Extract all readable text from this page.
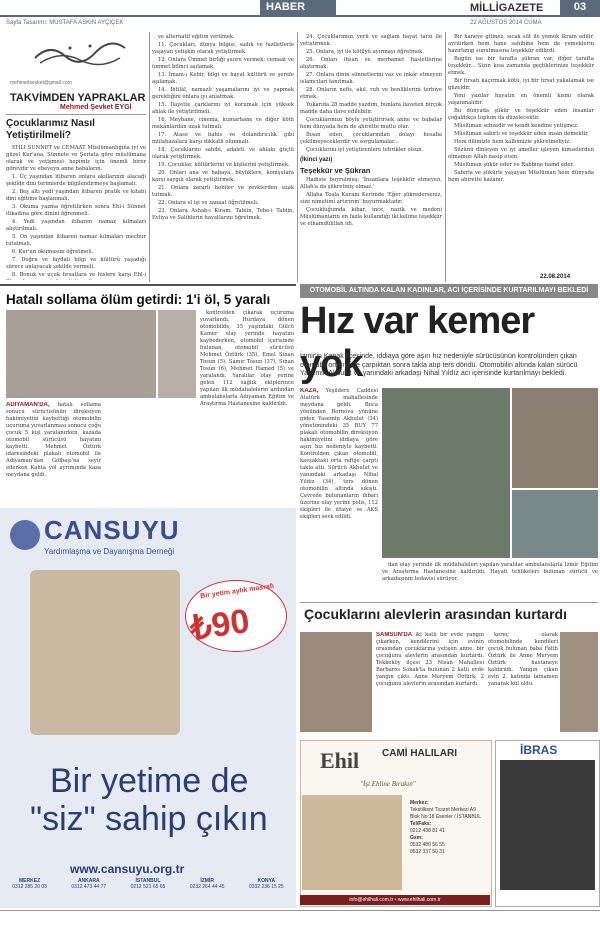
HABER	MİLLİGAZETE	03
22 AĞUSTOS 2014 CUMA
Sayfa Tasarımı: MUSTAFA ASKIN AYÇİÇEK
mehmedsevket@gmail.com
TAKVİMDEN YAPRAKLAR
Mehmed Şevket EYGİ
Çocuklarımız Nasıl Yetiştirilmeli?

EHLİ SÜNNET ve CEMAAT Müslümanlığına iyi ve güzel Kur'ana, Sünnete ve Şeriata göre müslümana olarak ve yetişmesi hepimiz için önemli birer görevdir ve ebeveyn anne babaların.

1. Üç yaşından itibaren onlara akıllarının alacağı şekilde dini terimlerde bilgilendirmeye başlamalı.

2. Beş altı yedi yaşından itibaren pratik ve kitabi dini eğitime başlanmalı.

3. Okuma yazma öğretilirken sonra Ehl-i Sünnet itikadına göre dinini öğrenmeli.

4. Yedi yaşından itibaren namaz kılmaları alıştırılmalı.

5. On yaşından itibaren namaz kılmaları mecbur tutulmalı.

6. Kur'an okumasını öğretmeli.

7. Doğru ve faydalı bilgi ve kültürü yaşadığı sürece anlayacak şekilde vermeli.

8. Bonuk ve uçuk fırsatlara ve hislere karşı Ehl-i

ve alternatif eğitim verilmek.

11. Çocukları, dünya bilgisi, sadık ve faziletlerle yaşayan yetişkin olarak yetiştirmek.

12. Onlara Ümmet birliği şuuru vermek; cemaat ve ümmet bilinci aşılamak.

13. İmam-ı Kebir, bilgi ve hayat kültürü ve şerefe aşılamak.

14. İhtilâl, namazlı yaşamalarını iyi ve yapmak gerektiğini onlara iyi anlatmak.

15. İlayette çarklarını iyi korumak için yüksek ahlak ile yetiştirilmeli.

16. Meyhane, cinema, kumarhane ve diğer kötü mekânlardan uzak tutmalı.

17. Atase ve bahis ve dolandırıcılık gibi mülahazalara karşı dikkatli olunmalı.

18. Çocuklarını sahibi, adaleti ve ahlakı güçlü olarak yetiştirmek.

19. Çocuklar, kültürlerini ve kişilerini yetiştirmek.

20. Onları ana ve babaya, büyüklere, komşulara karşı saygılı olarak yetiştirmek.

21. Onlara zararlı hobiler ve zevklerden uzak tutmak.

22. Onlara el işi ve zanaat öğretilmeli.

23. Onlara Ashab-ı Kiram, Tabiin, Tebe-i Tabiin, Evliya ve Salihlerin hayatlarını öğretmek.

24. Çocuklarımızı yerli ve sağlam hayat tarzı ile yetiştirmek.

25. Onlara, iyi ile kötüyü ayırmayı öğretmek.

26. Onları ihsan ve merhamet hasletlerine alıştırmak.

27. Onlara dinin sünnetlerini vaz ve inkâr etmeyen islamcıları tanıtmak.

28. Onların nefis, akıl, ruh ve benliklerini terbiye etmek.

Yukarıda 28 madde yazdım, bunlara ilaveten birçok madde daha ilave edilebilir.

Çocuklarımızı böyle yetiştirirsek anne ve babalar hem dünyada hem de ahirette mutlu olur.

İhsan eden, çocuklarından dolayı hesaba çekilmeyeceklerdir ve sorgulamalar...

Çocuklarını iyi yetiştirenlere tebrikler olsun.

(İkinci yazı)
Teşekkür ve Şükran

Hadiste buyrulmuş: 'İnsanlara teşekkür etmeyen, Allah'a da şükretmiş olmaz.'

Allaha Teala Kuranı Kerimde 'Eğer şükrederseniz, size nimetimi artırırım' buyurmaktadır.

Çocukluğumda kibar, ince, nazik ve medeni Müslümanların en fazla kullandığı iki kelime teşekkür ve elhamdülillah idi.

Bir haneye gitmez, sıcak süt ile yemek ikram edilir, ayrılırken hem hane sahibine hem de yemeklerin hazırlanıp sunulmasına teşekkür edilirdi.

Bugün ise bir tarafta şükran var, diğer tarafta teşekkür... Sizin kısa zamanda geçtiklerinize teşekkür etmek.

Bir fırsatı kaçırmak kötü, iyi bir fırsat yakalamak ise güzeldir.

Yeni yazılar hayatın en önemli kısmı olarak yaşanmalıdır.

Bu dünyada şükür ve teşekkür eden insanlar çoğaldıkça toplum da düzelecektir.

Müslüman sebzedir ve kendi kendine yetişmez.

Müslüman sabırlı ve teşekkür eden insan demektir.

Hem dilimizle hem kalbimizle şükretmeliyiz.

Sözünü dinleyen ve iyi ameller işleyen kimselerden olmamızı Allah nasip etsin.

Müslüman şükür eder ve Rabbine hamd eder.

Sabırla ve şükürle yaşayan Müslüman hem dünyada hem ahirette kazanır.

22.08.2014
Hatalı sollama ölüm getirdi: 1'i öl, 5 yaralı
ADIYAMAN'DA, hatalı sollama sonucu sürücüsünün direksiyon hakimiyetini kaybettiği otomobilin uçuruma yuvarlanması sonucu çoğu çocuk 5 kişi yaralanırken, kazada otomobil sürücüsü hayatını kaybetti. Mehmet Öztürk idaresindeki plakalı otomobil ile Adıyaman'dan Gölbaşı'na seyir ederken Kahta yol ayrımında kaza meydana geldi.

kontrolden çıkarak uçuruma yuvarlandı. Hurdaya dönen otomobilde, 35 yaşındaki Gülcü Kamer olay yerinde hayatını kaybederken, otomobil içerisinde bulunan, otomobil sürücüsü Mehmet Öztürk (35), Emel Sinan Tosun (5), Samir Tosun (37), Sinan Tosun (6), Mehmet Hamed (5) ve yaralandı. Yaralılar olay yerine gelen 112 sağlık ekiplerince yapılan ilk müdahalelerin ardından ambulanslarla Adıyaman Eğitim ve Araştırma Hastanesine kaldırıldı.

CANSUYU
Yardımlaşma ve Dayanışma Derneği
Bir yetim aylık masrafı
₺90
Bir yetime de
"siz" sahip çıkın
www.cansuyu.org.tr
MERKEZ
0312 285 20 03
ANKARA
0312 473 44 77
İSTANBUL
0212 521 65 65
İZMİR
0232 264 44 45
KONYA
0332 236 15 25
OTOMOBİL ALTINDA KALAN KADINLAR, ACI İÇERİSİNDE KURTARILMAYI BEKLEDİ
Hız var kemer yok
İzmir'in Konak ilçesinde, iddiaya göre aşırı hız nedeniyle sürücüsünün kontrolünden çıkan otomobil orta refüje çarpıktan sonra takla atıp ters döndü. Otomobilin altında kalan sürücü Yasemin Akbulut ve yanındaki arkadaşı Nihal Yıldız acı içerisinde kurtarılmayı bekledi.
KAZA, Yeşildere Caddesi Atatürk mahallesinde meydana geldi. Buca yönünden Bornova yönüne giden Yasemin Akbulut (34) yönetimindeki 35 BUY 77 plakalı otomobilin direksiyon hakimiyetini iddiaya göre aşırı hız nedeniyle kaybetti. Kontrolden çıkan otomobil, kavşaktaki orta refüje çarptı takla attı. Sürücü Akbulut ve yanındaki arkadaşı Nihal Yıldız (34), ters dönen otomobilin altında sıkıştı. Çevrede bulunanların ihbarı üzerine olay yerine polis, 112 ekipleri ile itfaiye ve AKS ekipleri sevk edildi.

dan olay yerinde ilk müdahaleleri yapılan yaralılar ambulanslarla İzmir Eğitim ve Araştırma Hastanesine kaldırıldı. Hayati tehlikeleri bulunan sürücü ve arkadaşının tedavisi sürüyor.

Çocuklarını alevlerin arasından kurtardı
SAMSUN'DA iki katlı bir evde yangın çıkarken, kendilerini için evinin orasından çocuklarına yetişen anne, bir çocuğunu alevlerin arasından kurtardı. Tekkeköy ilçesi 23 Nisan Mahallesi Barbaros Sokak'ta bulunan 2 katlı evde yangın çıktı. Anne Meryem Öztürk, 2 çocuğunu alevlerin arasından kurtardı.

kereç olarak otomobilinde kendileri çocuk bulunan baba Fatih Öztürk ile Anne Meryem Öztürk hastaneye kaldırıldı. Yangın çıkan evin 2. katında tamamen yanarak kül oldu.

Ehil CAMİ HALILARI
"İşi Ehline Bırakın"
Merkez:
Tekstilkent Ticaret Merkezi A9 Blok No:18 Esenler / İSTANBUL
Tel/Faks:
0212 438 81 41
Gsm:
0532 480 56 55
0532 337 50 31
info@ehilhali.com.tr • www.ehilhali.com.tr
İBRAS
